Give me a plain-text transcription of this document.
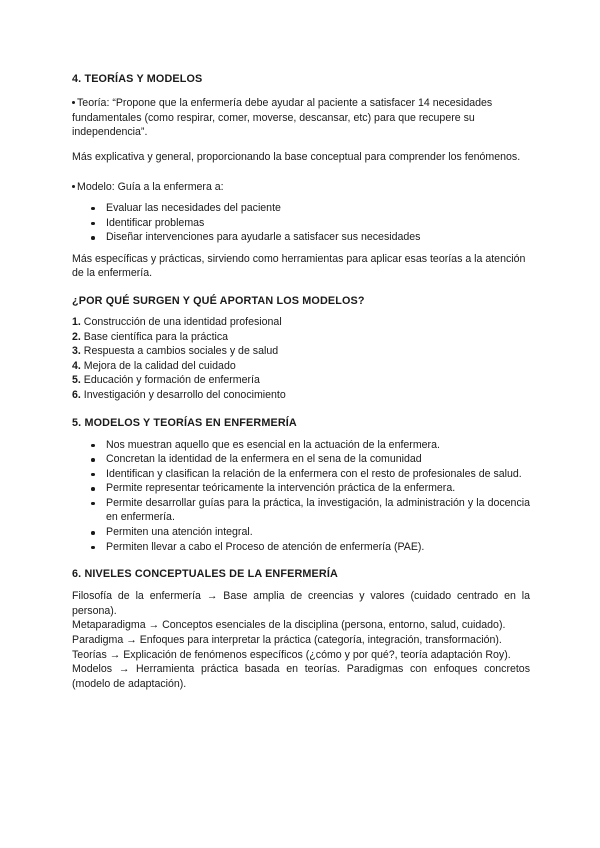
4. TEORÍAS Y MODELOS

Teoría: “Propone que la enfermería debe ayudar al paciente a satisfacer 14 necesidades fundamentales (como respirar, comer, moverse, descansar, etc) para que recupere su independencia”.

Más explicativa y general, proporcionando la base conceptual para comprender los fenómenos.

Modelo: Guía a la enfermera a:

Evaluar las necesidades del paciente
Identificar problemas
Diseñar intervenciones para ayudarle a satisfacer sus necesidades

Más específicas y prácticas, sirviendo como herramientas para aplicar esas teorías a la atención de la enfermería.

¿POR QUÉ SURGEN Y QUÉ APORTAN LOS MODELOS?
1. Construcción de una identidad profesional
2. Base científica para la práctica
3. Respuesta a cambios sociales y de salud
4. Mejora de la calidad del cuidado
5. Educación y formación de enfermería
6. Investigación y desarrollo del conocimiento
5. MODELOS Y TEORÍAS EN ENFERMERÍA
Nos muestran aquello que es esencial en la actuación de la enfermera.
Concretan la identidad de la enfermera en el sena de la comunidad
Identifican y clasifican la relación de la enfermera con el resto de profesionales de salud.
Permite representar teóricamente la intervención práctica de la enfermera.
Permite desarrollar guías para la práctica, la investigación, la administración y la docencia en enfermería.
Permiten una atención integral.
Permiten llevar a cabo el Proceso de atención de enfermería (PAE).
6. NIVELES CONCEPTUALES DE LA ENFERMERÍA

Filosofía de la enfermería → Base amplia de creencias y valores (cuidado centrado en la persona).

Metaparadigma → Conceptos esenciales de la disciplina (persona, entorno, salud, cuidado).

Paradigma → Enfoques para interpretar la práctica (categoría, integración, transformación).

Teorías → Explicación de fenómenos específicos (¿cómo y por qué?, teoría adaptación Roy).

Modelos → Herramienta práctica basada en teorías. Paradigmas con enfoques concretos (modelo de adaptación).
